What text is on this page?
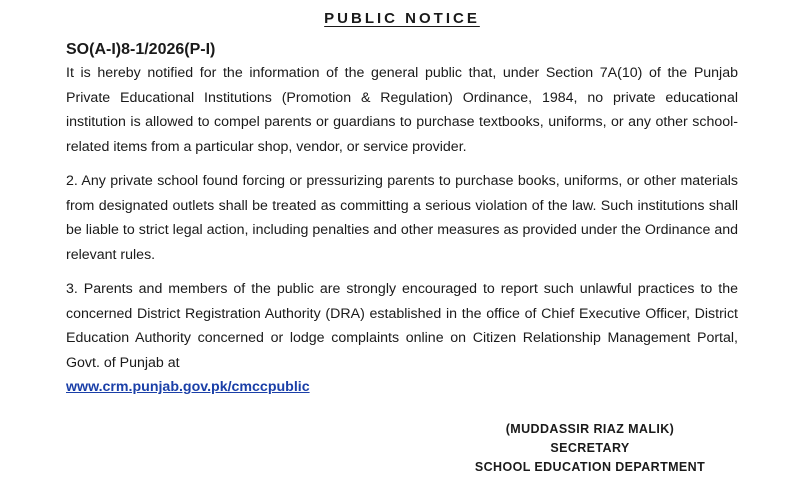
PUBLIC NOTICE
SO(A-I)8-1/2026(P-I)
It is hereby notified for the information of the general public that, under Section 7A(10) of the Punjab Private Educational Institutions (Promotion & Regulation) Ordinance, 1984, no private educational institution is allowed to compel parents or guardians to purchase textbooks, uniforms, or any other school-related items from a particular shop, vendor, or service provider.
2. Any private school found forcing or pressurizing parents to purchase books, uniforms, or other materials from designated outlets shall be treated as committing a serious violation of the law. Such institutions shall be liable to strict legal action, including penalties and other measures as provided under the Ordinance and relevant rules.
3. Parents and members of the public are strongly encouraged to report such unlawful practices to the concerned District Registration Authority (DRA) established in the office of Chief Executive Officer, District Education Authority concerned or lodge complaints online on Citizen Relationship Management Portal, Govt. of Punjab at
www.crm.punjab.gov.pk/cmccpublic
(MUDDASSIR RIAZ MALIK)
SECRETARY
SCHOOL EDUCATION DEPARTMENT
